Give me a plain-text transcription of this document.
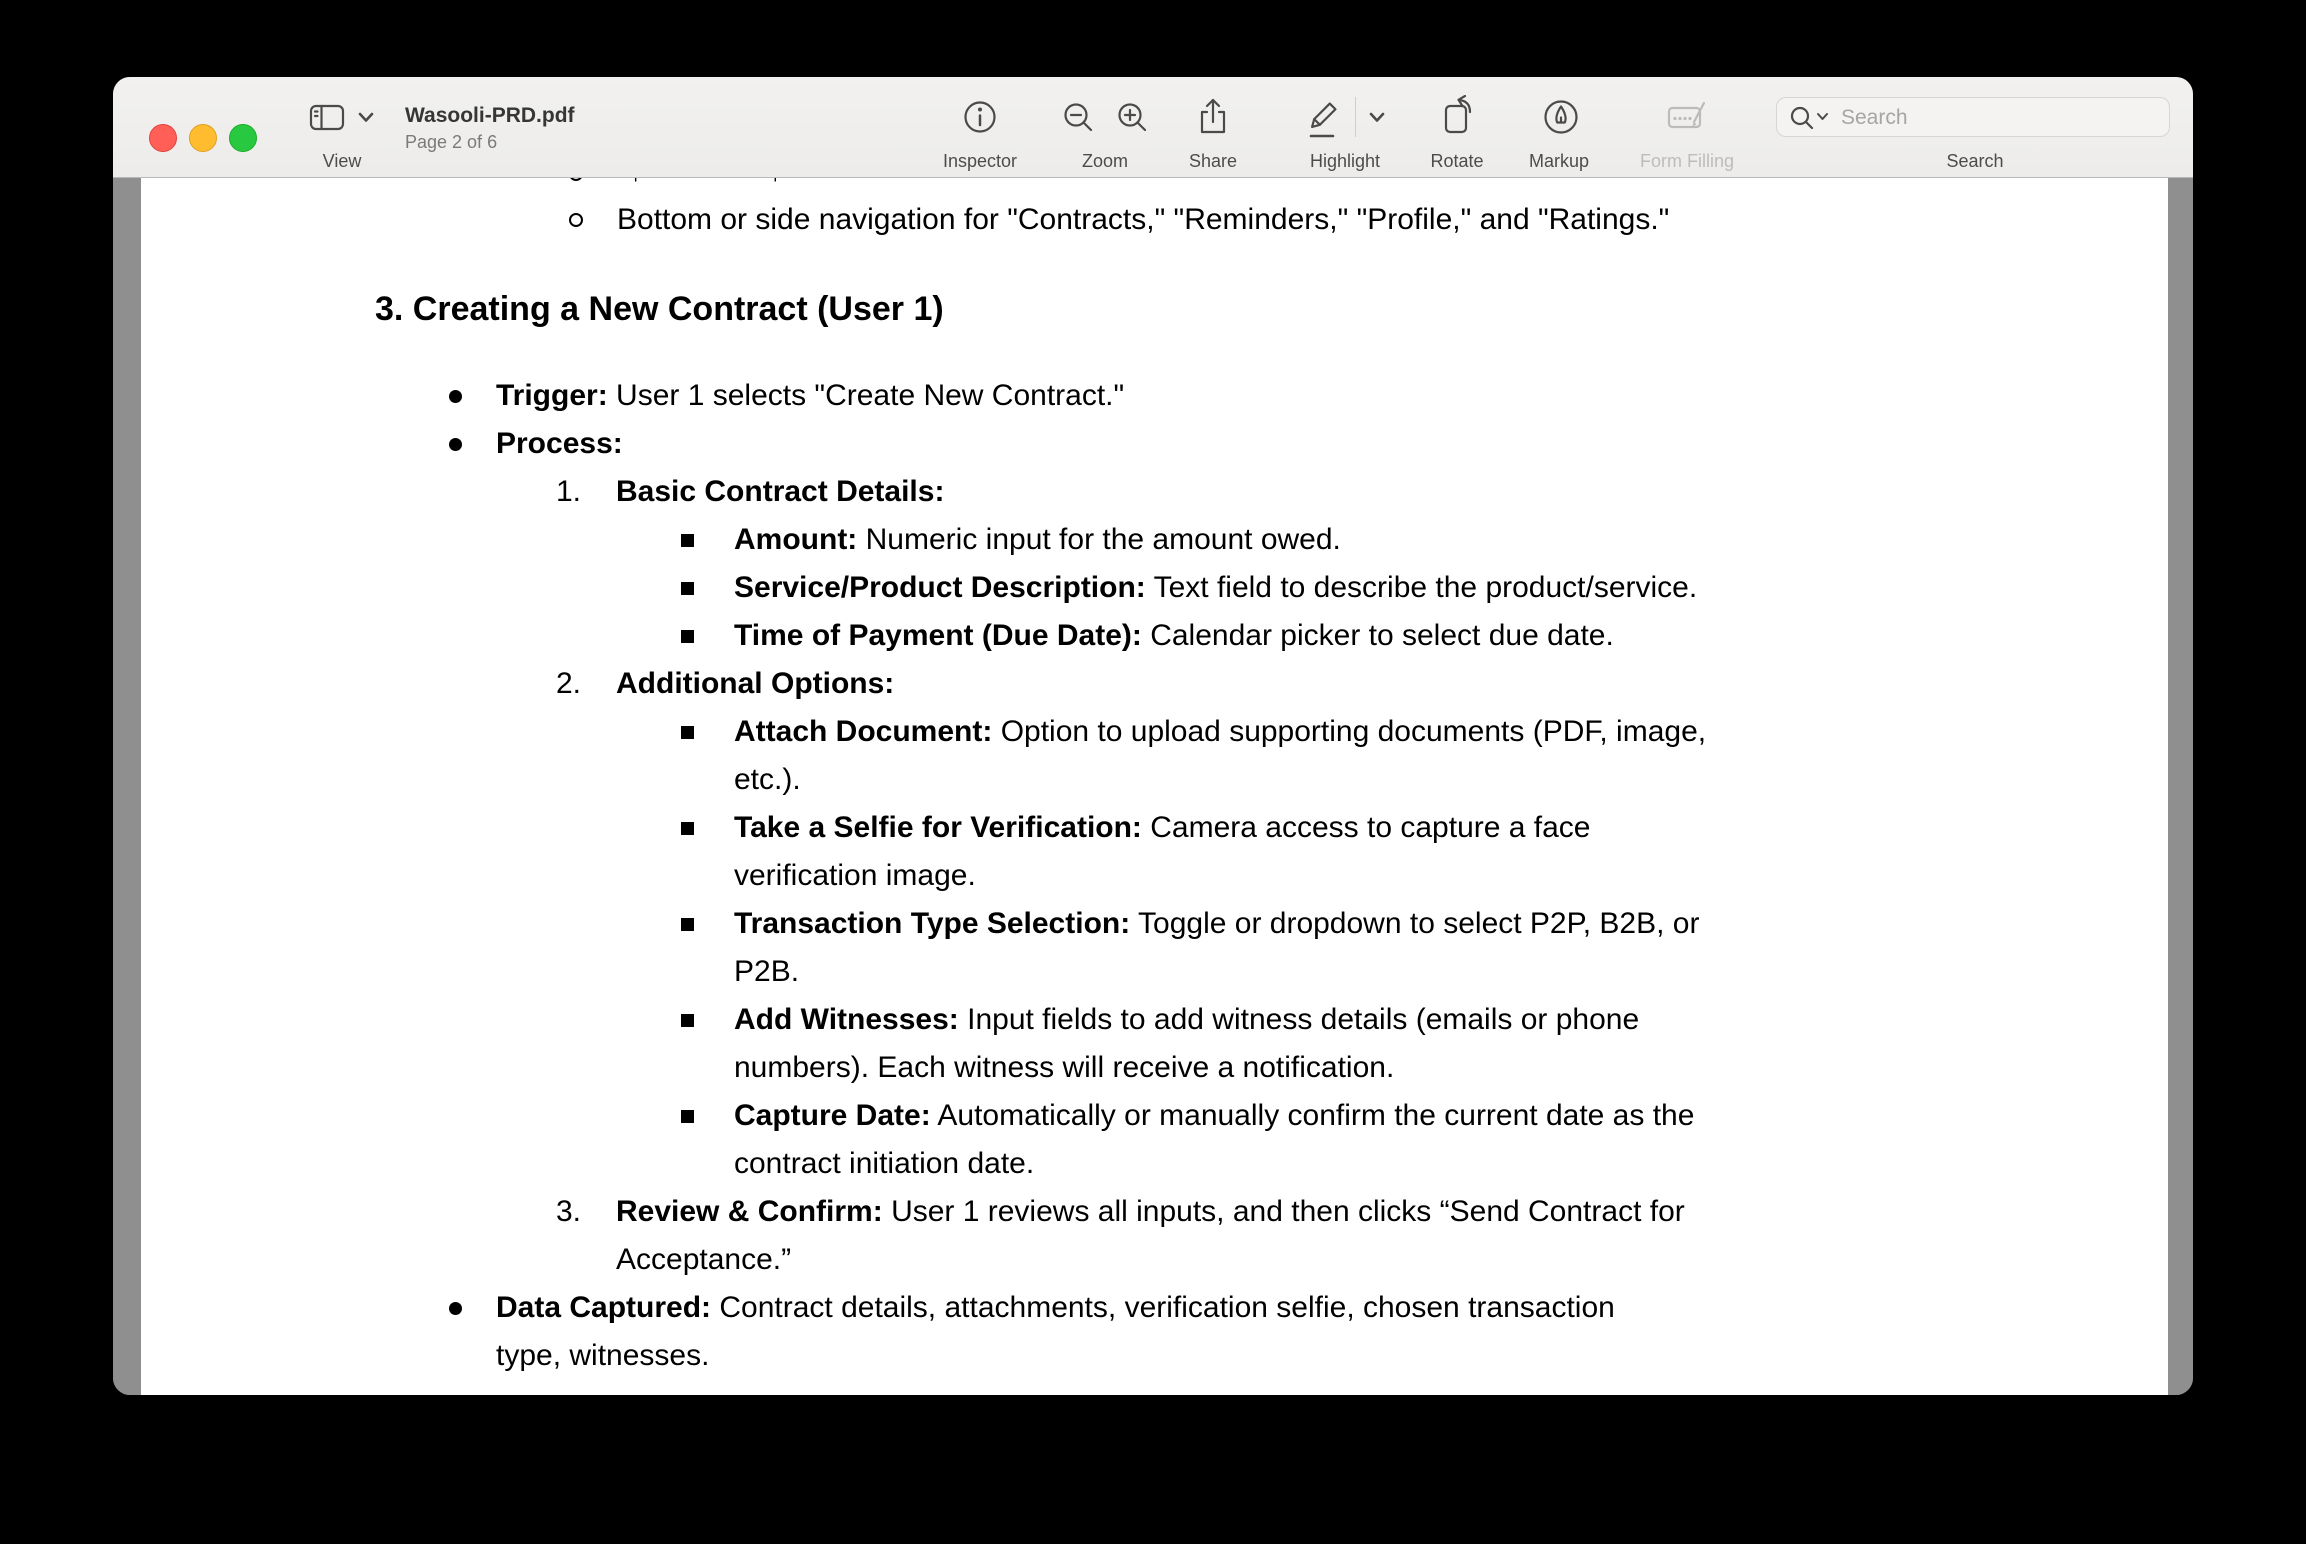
View
Wasooli-PRD.pdf
Page 2 of 6
Inspector	Zoom	Share	Highlight	Rotate	Markup	Form Filling
Search	Search
Bottom or side navigation for "Contracts," "Reminders," "Profile," and "Ratings."
3. Creating a New Contract (User 1)
Trigger: User 1 selects "Create New Contract."
Process:
1. Basic Contract Details:
Amount: Numeric input for the amount owed.
Service/Product Description: Text field to describe the product/service.
Time of Payment (Due Date): Calendar picker to select due date.
2. Additional Options:
Attach Document: Option to upload supporting documents (PDF, image,
etc.).
Take a Selfie for Verification: Camera access to capture a face
verification image.
Transaction Type Selection: Toggle or dropdown to select P2P, B2B, or
P2B.
Add Witnesses: Input fields to add witness details (emails or phone
numbers). Each witness will receive a notification.
Capture Date: Automatically or manually confirm the current date as the
contract initiation date.
3. Review & Confirm: User 1 reviews all inputs, and then clicks “Send Contract for
Acceptance.”
Data Captured: Contract details, attachments, verification selfie, chosen transaction
type, witnesses.
